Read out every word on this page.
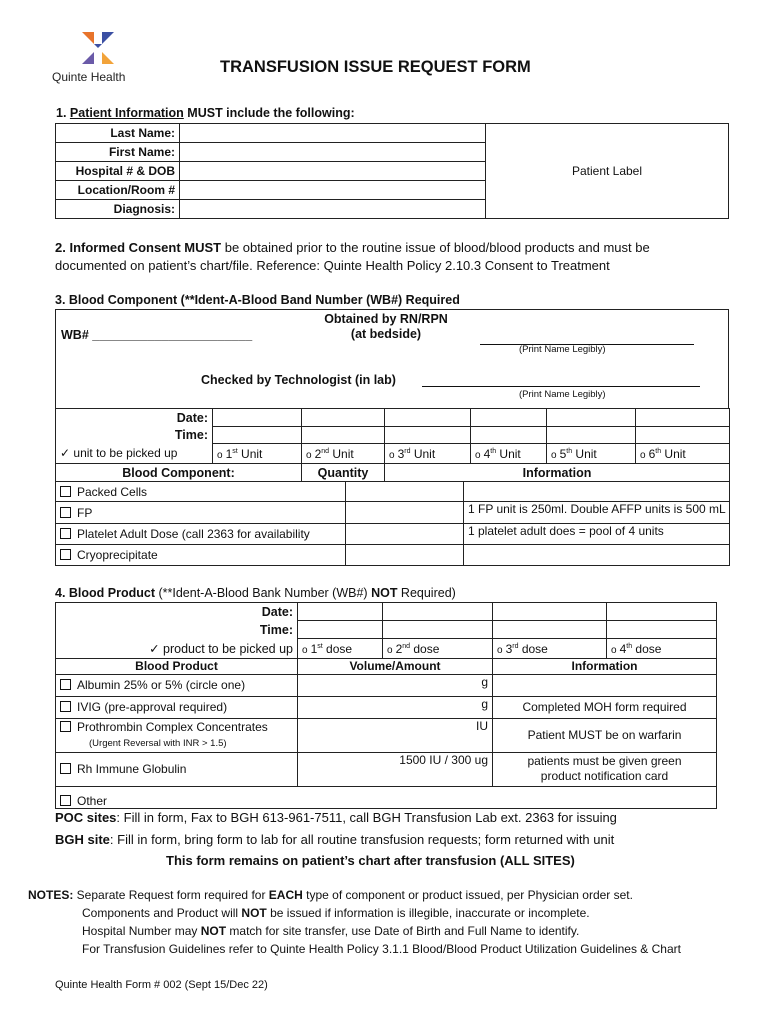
Quinte Health
TRANSFUSION ISSUE REQUEST FORM
1. Patient Information MUST include the following:
Last Name:		Patient Label
First Name:		
Hospital # & DOB		
Location/Room #		
Diagnosis:		
2. Informed Consent MUST be obtained prior to the routine issue of blood/blood products and must be
documented on patient’s chart/file. Reference: Quinte Health Policy 2.10.3 Consent to Treatment
3. Blood Component (**Ident-A-Blood Band Number (WB#) Required
WB# _______________________
Obtained by RN/RPN
(at bedside)
(Print Name Legibly)
Checked by Technologist (in lab)
(Print Name Legibly)
Date:								
Time:								
✓ unit to be picked up	o 1st Unit	o 2nd Unit		o 3rd Unit		o 4th Unit	o 5th Unit	o 6th Unit
Blood Component:		Quantity		Information				
Packed Cells								
FP					1 FP unit is 250ml. Double AFFP units is 500 mL			
Platelet Adult Dose (call 2363 for availability					1 platelet adult does = pool of 4 units			
Cryoprecipitate								
4. Blood Product (**Ident-A-Blood Bank Number (WB#) NOT Required)
Date:				
Time:				
✓ product to be picked up	o 1st dose	o 2nd dose	o 3rd dose	o 4th dose
Blood Product	Volume/Amount	Information
Albumin 25% or 5% (circle one)	g	
IVIG (pre-approval required)	g	Completed MOH form required
Prothrombin Complex Concentrates
(Urgent Reversal with INR > 1.5)	IU	Patient MUST be on warfarin
Rh Immune Globulin	1500 IU / 300 ug	patients must be given green
product notification card
Other		
POC sites: Fill in form, Fax to BGH 613-961-7511, call BGH Transfusion Lab ext. 2363 for issuing
BGH site: Fill in form, bring form to lab for all routine transfusion requests; form returned with unit
This form remains on patient’s chart after transfusion (ALL SITES)
NOTES: Separate Request form required for EACH type of component or product issued, per Physician order set.
Components and Product will NOT be issued if information is illegible, inaccurate or incomplete.
Hospital Number may NOT match for site transfer, use Date of Birth and Full Name to identify.
For Transfusion Guidelines refer to Quinte Health Policy 3.1.1 Blood/Blood Product Utilization Guidelines & Chart
Quinte Health Form # 002 (Sept 15/Dec 22)
